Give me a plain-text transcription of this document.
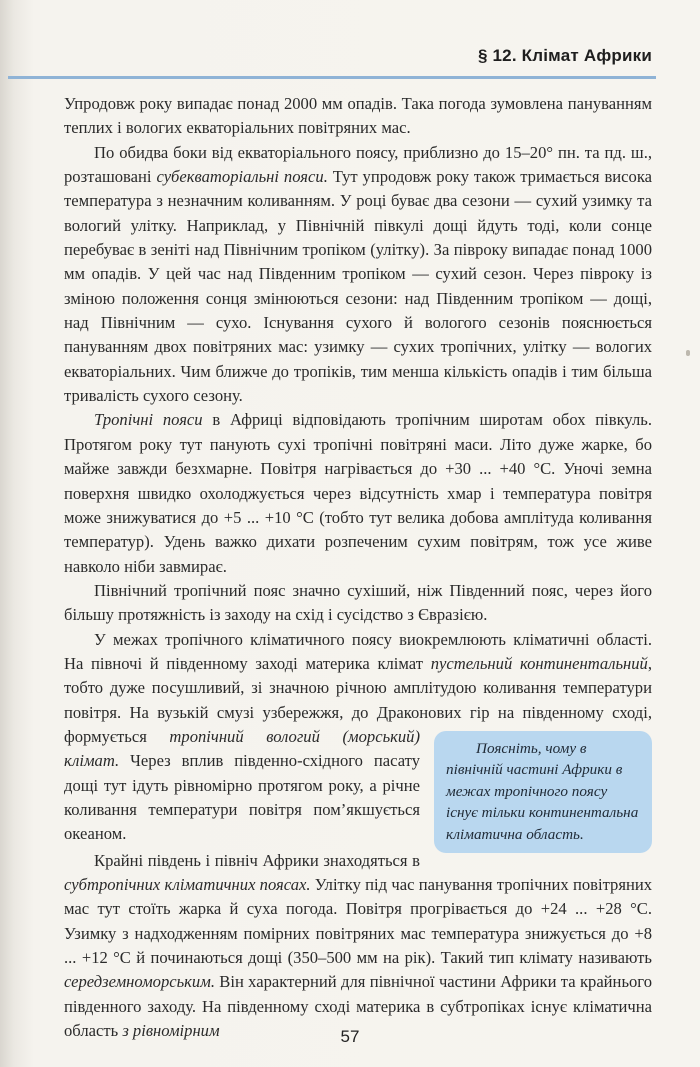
§ 12. Клімат Африки

Упродовж року випадає понад 2000 мм опадів. Така погода зумовлена пануванням теплих і вологих екваторіальних повітряних мас.

По обидва боки від екваторіального поясу, приблизно до 15–20° пн. та пд. ш., розташовані субекваторіальні пояси. Тут упродовж року також тримається висока температура з незначним коливанням. У році буває два сезони — сухий узимку та вологий улітку. Наприклад, у Північній півкулі дощі йдуть тоді, коли сонце перебуває в зеніті над Північним тропіком (улітку). За півроку випадає понад 1000 мм опадів. У цей час над Південним тропіком — сухий сезон. Через півроку із зміною положення сонця змінюються сезони: над Південним тропіком — дощі, над Північним — сухо. Існування сухого й вологого сезонів пояснюється пануванням двох повітряних мас: узимку — сухих тропічних, улітку — вологих екваторіальних. Чим ближче до тропіків, тим менша кількість опадів і тим більша тривалість сухого сезону.

Тропічні пояси в Африці відповідають тропічним широтам обох півкуль. Протягом року тут панують сухі тропічні повітряні маси. Літо дуже жарке, бо майже завжди безхмарне. Повітря нагрівається до +30 ... +40 °С. Уночі земна поверхня швидко охолоджується через відсутність хмар і температура повітря може знижуватися до +5 ... +10 °С (тобто тут велика добова амплітуда коливання температур). Удень важко дихати розпеченим сухим повітрям, тож усе живе навколо ніби завмирає.

Північний тропічний пояс значно сухіший, ніж Південний пояс, через його більшу протяжність із заходу на схід і сусідство з Євразією.

У межах тропічного кліматичного поясу виокремлюють кліматичні області. На півночі й південному заході материка клімат пустельний континентальний, тобто дуже посушливий, зі значною річною амплітудою коливання температури повітря. На вузькій смузі узбережжя, до Драконових гір на південному сході, формується
Поясніть, чому в північній частині Африки в межах тропічного поясу існує тільки континентальна кліматична область.
тропічний вологий (морський) клімат. Через вплив південно-східного пасату дощі тут ідуть рівномірно протягом року, а річне коливання температури повітря пом’якшується океаном.

Крайні південь і північ Африки знаходяться в субтропічних кліматичних поясах. Улітку під час панування тропічних повітряних мас тут стоїть жарка й суха погода. Повітря прогрівається до +24 ... +28 °С. Узимку з надходженням помірних повітряних мас температура знижується до +8 ... +12 °С й починаються дощі (350–500 мм на рік). Такий тип клімату називають середземноморським. Він характерний для північної частини Африки та крайнього південного заходу. На південному сході материка в субтропіках існує кліматична область з рівномірним	57
